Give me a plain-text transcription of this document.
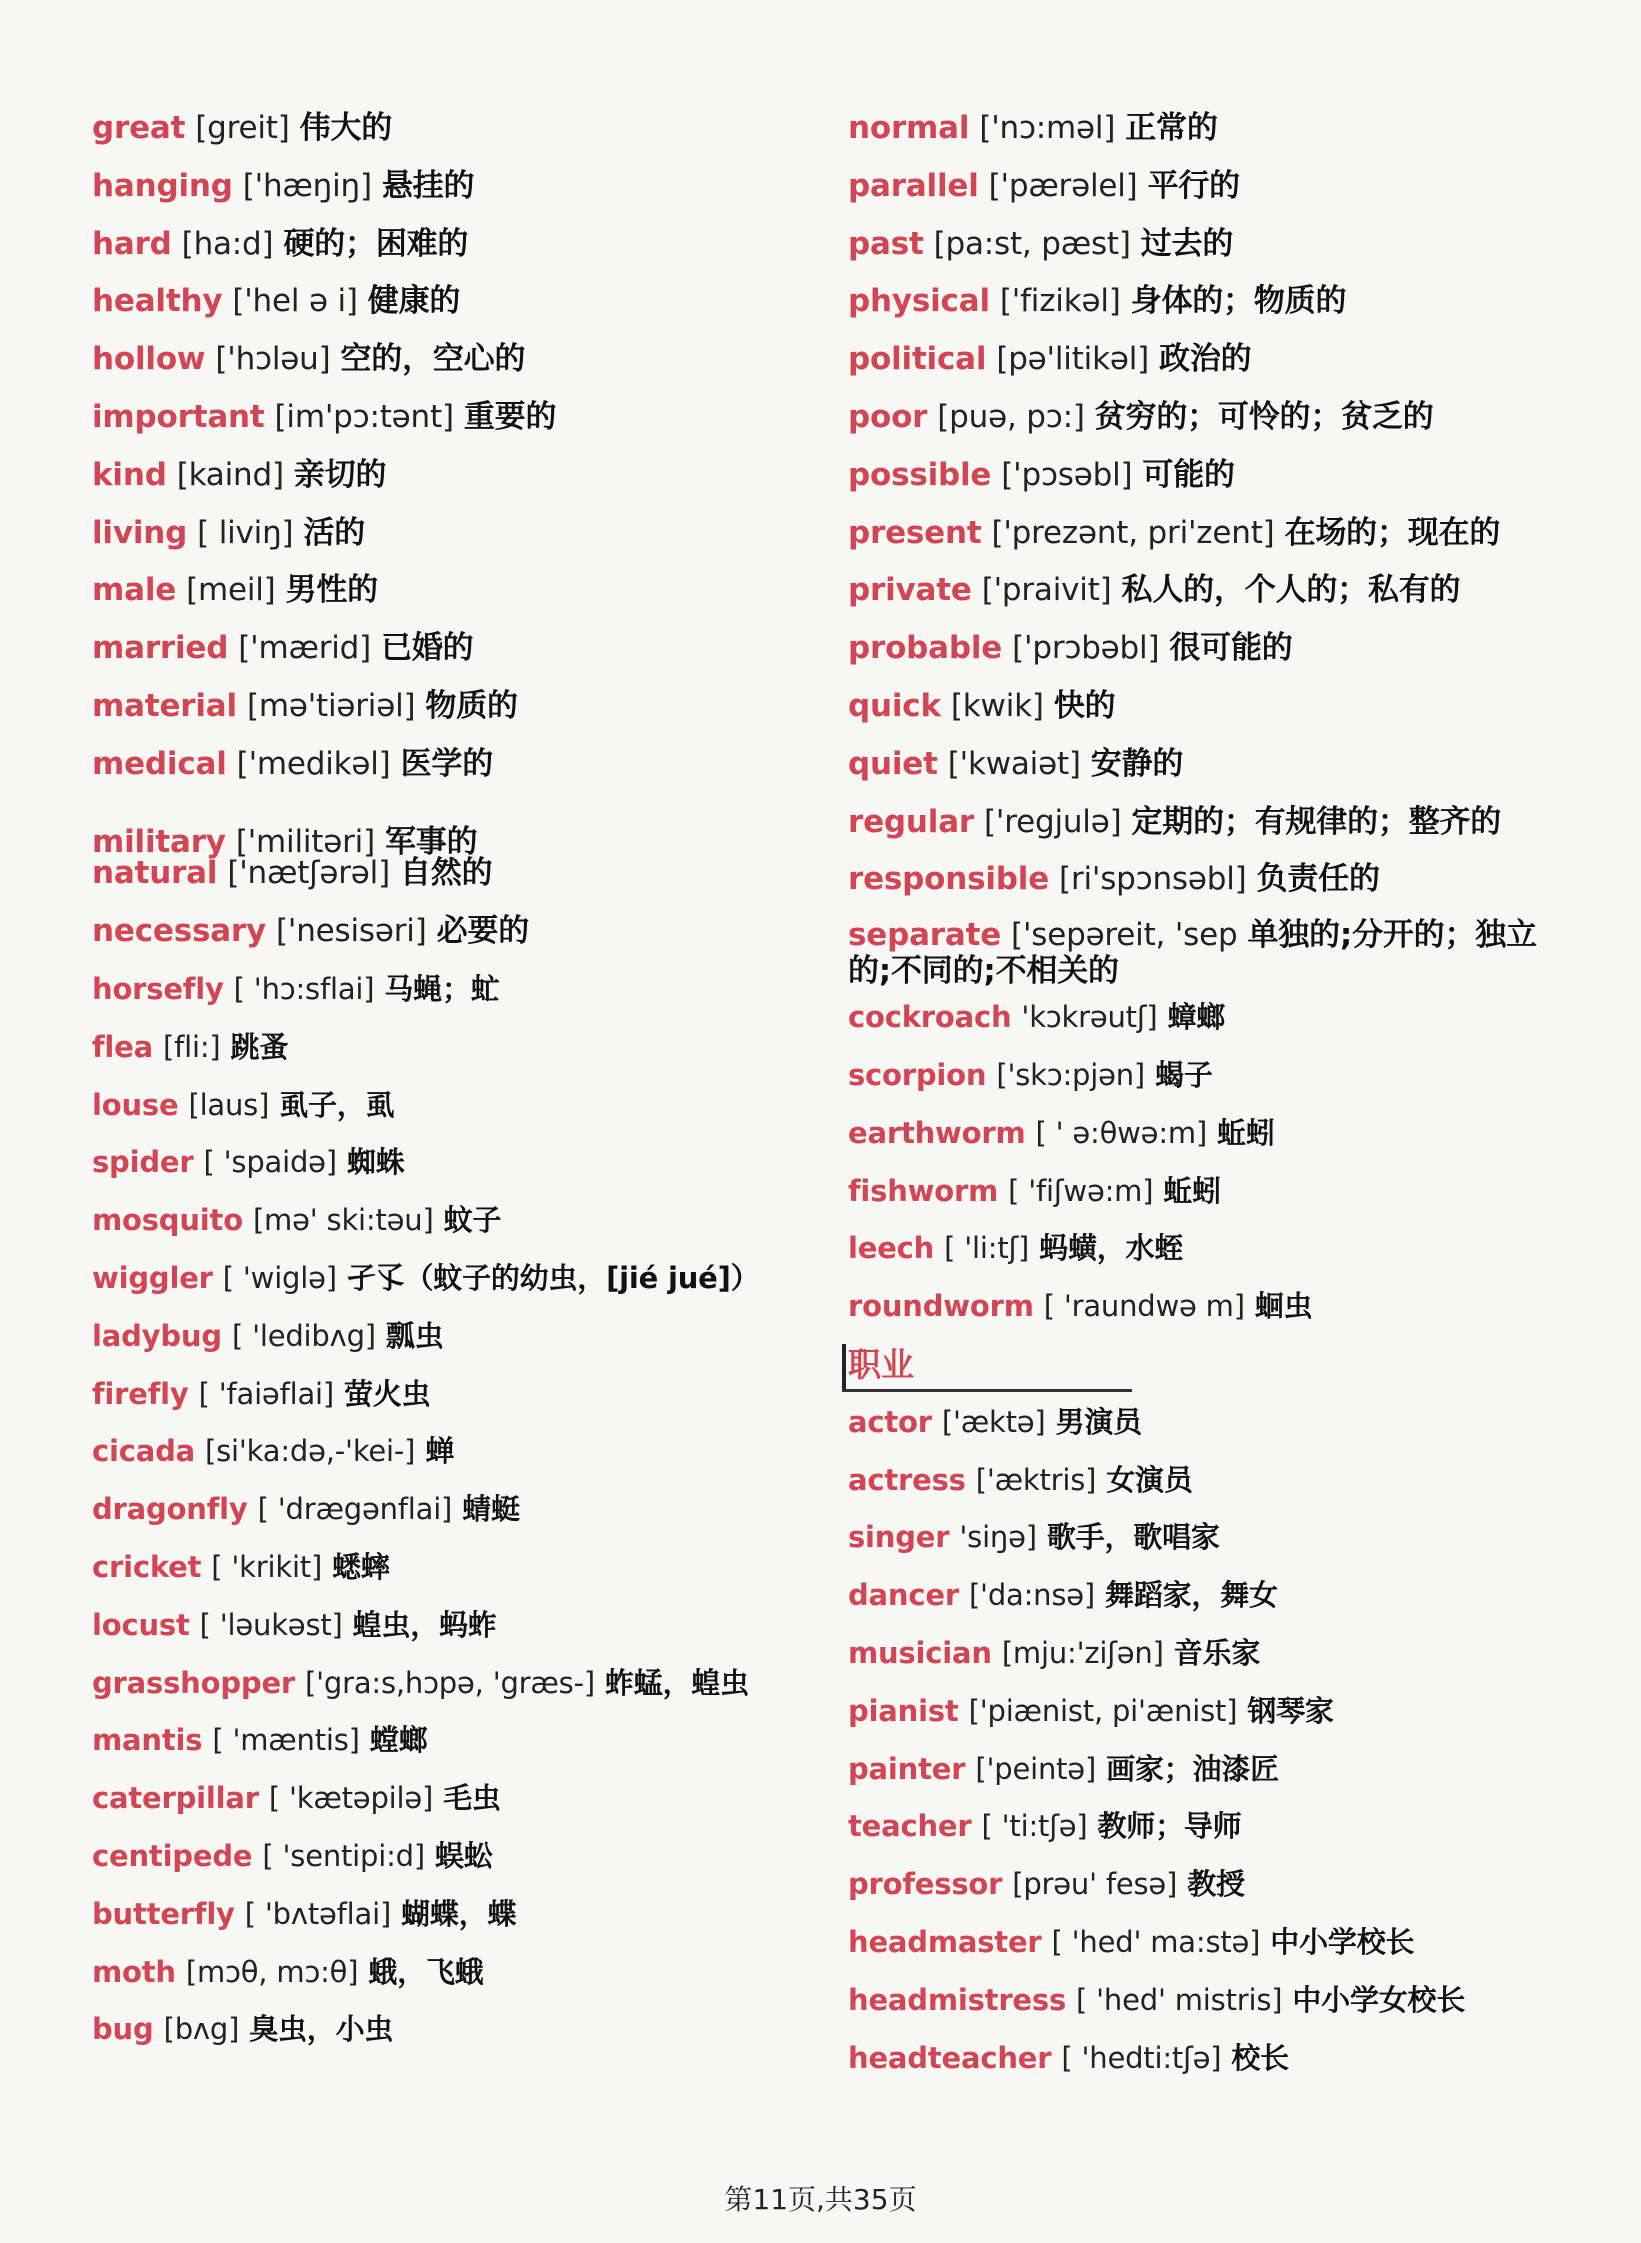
great [greit] 伟大的
hanging ['hæŋiŋ] 悬挂的
hard [ha:d] 硬的；困难的
healthy ['hel ə i] 健康的
hollow ['hɔləu] 空的，空心的
important [im'pɔ:tənt] 重要的
kind [kaind] 亲切的
living [ liviŋ] 活的
male [meil] 男性的
married ['mærid] 已婚的
material [mə'tiəriəl] 物质的
medical ['medikəl] 医学的
military ['militəri] 军事的
natural ['nætʃərəl] 自然的
necessary ['nesisəri] 必要的
horsefly [ 'hɔ:sflai] 马蝇；虻
flea [fli:] 跳蚤
louse [laus] 虱子，虱
spider [ 'spaidə] 蜘蛛
mosquito [mə' ski:təu] 蚊子
wiggler [ 'wiglə] 孑孓（蚊子的幼虫，[jié jué]）
ladybug [ 'ledibʌg] 瓢虫
firefly [ 'faiəflai] 萤火虫
cicada [si'ka:də,-'kei-] 蝉
dragonfly [ 'drægənflai] 蜻蜓
cricket [ 'krikit] 蟋蟀
locust [ 'ləukəst] 蝗虫，蚂蚱
grasshopper ['gra:s,hɔpə, 'græs-] 蚱蜢，蝗虫
mantis [ 'mæntis] 螳螂
caterpillar [ 'kætəpilə] 毛虫
centipede [ 'sentipi:d] 蜈蚣
butterfly [ 'bʌtəflai] 蝴蝶，蝶
moth [mɔθ, mɔ:θ] 蛾，飞蛾
bug [bʌg] 臭虫，小虫
normal ['nɔ:məl] 正常的
parallel ['pærəlel] 平行的
past [pa:st, pæst] 过去的
physical ['fizikəl] 身体的；物质的
political [pə'litikəl] 政治的
poor [puə, pɔ:] 贫穷的；可怜的；贫乏的
possible ['pɔsəbl] 可能的
present ['prezənt, pri'zent] 在场的；现在的
private ['praivit] 私人的，个人的；私有的
probable ['prɔbəbl] 很可能的
quick [kwik] 快的
quiet ['kwaiət] 安静的
regular ['regjulə] 定期的；有规律的；整齐的
responsible [ri'spɔnsəbl] 负责任的
separate ['sepəreit, 'sep 单独的;分开的；独立的;不同的;不相关的
cockroach 'kɔkrəutʃ] 蟑螂
scorpion ['skɔ:pjən] 蝎子
earthworm [ ' ə:θwə:m] 蚯蚓
fishworm [ 'fiʃwə:m] 蚯蚓
leech [ 'li:tʃ] 蚂蟥，水蛭
roundworm [ 'raundwə m] 蛔虫
职业
actor ['æktə] 男演员
actress ['æktris] 女演员
singer 'siŋə] 歌手，歌唱家
dancer ['da:nsə] 舞蹈家，舞女
musician [mju:'ziʃən] 音乐家
pianist ['piænist, pi'ænist] 钢琴家
painter ['peintə] 画家；油漆匠
teacher [ 'ti:tʃə] 教师；导师
professor [prəu' fesə] 教授
headmaster [ 'hed' ma:stə] 中小学校长
headmistress [ 'hed' mistris] 中小学女校长
headteacher [ 'hedti:tʃə] 校长
第11页,共35页
